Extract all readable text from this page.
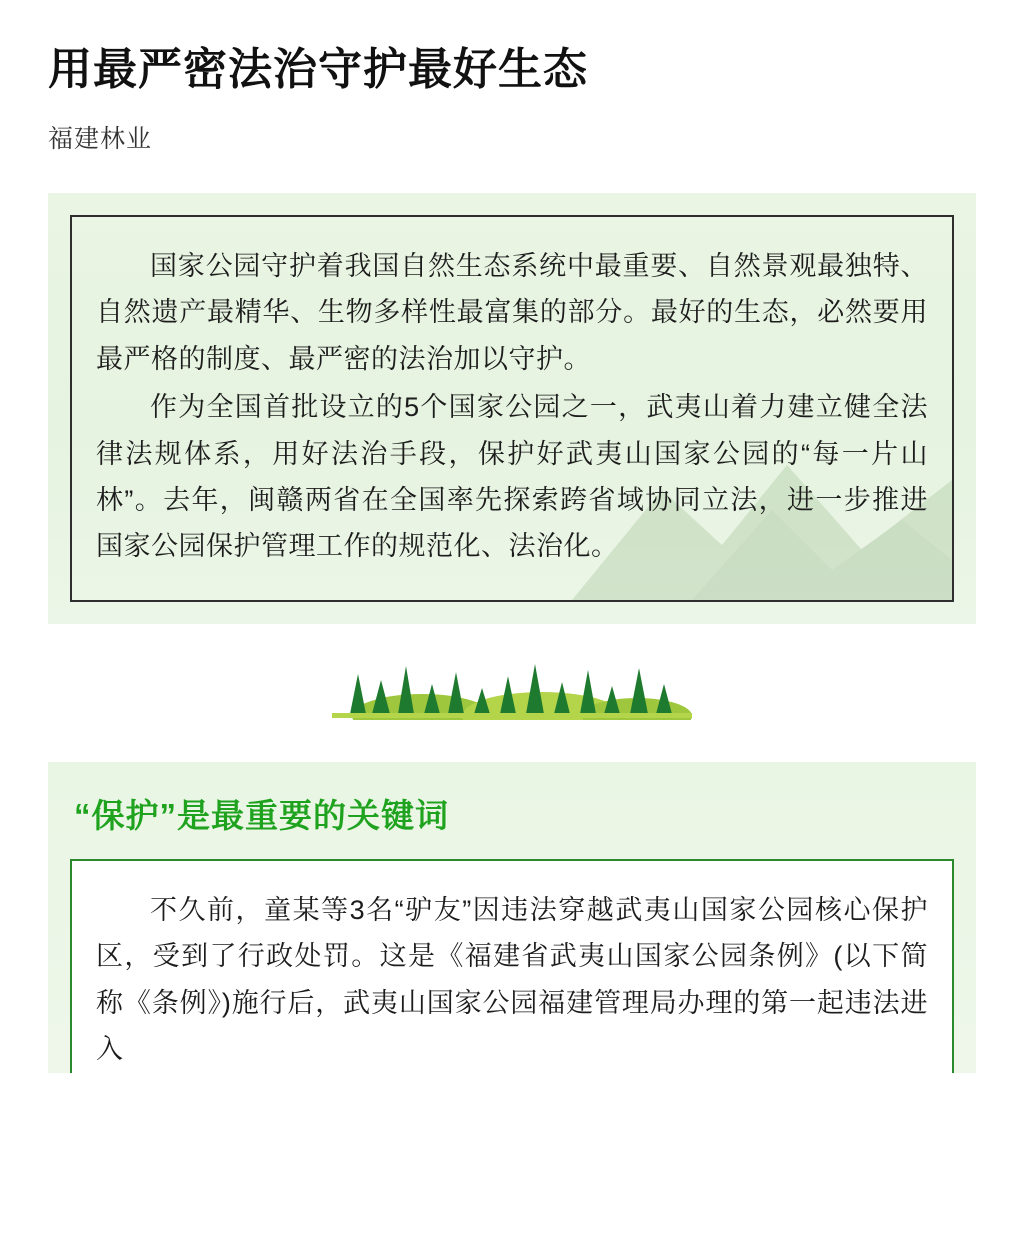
用最严密法治守护最好生态
福建林业

国家公园守护着我国自然生态系统中最重要、自然景观最独特、自然遗产最精华、生物多样性最富集的部分。最好的生态，必然要用最严格的制度、最严密的法治加以守护。

作为全国首批设立的5个国家公园之一，武夷山着力建立健全法律法规体系，用好法治手段，保护好武夷山国家公园的“每一片山林”。去年，闽赣两省在全国率先探索跨省域协同立法，进一步推进国家公园保护管理工作的规范化、法治化。

“保护”是最重要的关键词

不久前，童某等3名“驴友”因违法穿越武夷山国家公园核心保护区，受到了行政处罚。这是《福建省武夷山国家公园条例》(以下简称《条例》)施行后，武夷山国家公园福建管理局办理的第一起违法进入
